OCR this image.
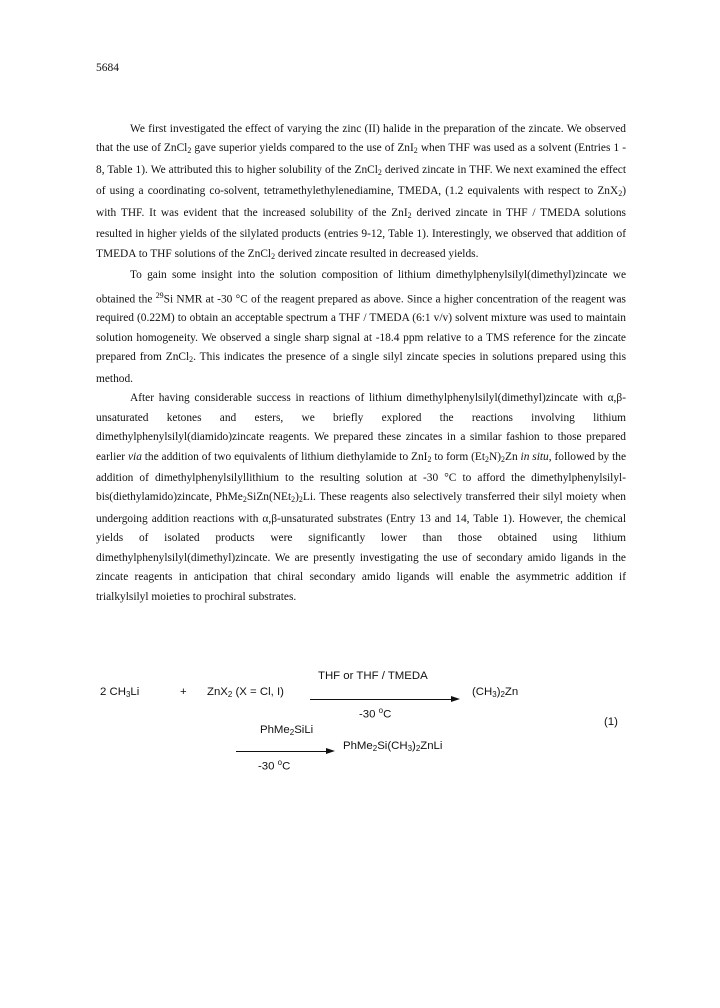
5684

We first investigated the effect of varying the zinc (II) halide in the preparation of the zincate. We observed that the use of ZnCl$_2$ gave superior yields compared to the use of ZnI$_2$ when THF was used as a solvent (Entries 1 - 8, Table 1). We attributed this to higher solubility of the ZnCl$_2$ derived zincate in THF. We next examined the effect of using a coordinating co-solvent, tetramethylethylenediamine, TMEDA, (1.2 equivalents with respect to ZnX$_2$) with THF. It was evident that the increased solubility of the ZnI$_2$ derived zincate in THF / TMEDA solutions resulted in higher yields of the silylated products (entries 9-12, Table 1). Interestingly, we observed that addition of TMEDA to THF solutions of the ZnCl$_2$ derived zincate resulted in decreased yields.

To gain some insight into the solution composition of lithium dimethylphenylsilyl(dimethyl)zincate we obtained the $^{29}$Si NMR at -30 °C of the reagent prepared as above. Since a higher concentration of the reagent was required (0.22M) to obtain an acceptable spectrum a THF / TMEDA (6:1 v/v) solvent mixture was used to maintain solution homogeneity. We observed a single sharp signal at -18.4 ppm relative to a TMS reference for the zincate prepared from ZnCl$_2$. This indicates the presence of a single silyl zincate species in solutions prepared using this method.

After having considerable success in reactions of lithium dimethylphenylsilyl(dimethyl)zincate with α,β-unsaturated ketones and esters, we briefly explored the reactions involving lithium dimethylphenylsilyl(diamido)zincate reagents. We prepared these zincates in a similar fashion to those prepared earlier via the addition of two equivalents of lithium diethylamide to ZnI$_2$ to form $(Et_2N)_2Zn$ in situ, followed by the addition of dimethylphenylsilyllithium to the resulting solution at -30 °C to afford the dimethylphenylsilyl-bis(diethylamido)zincate, $PhMe_2SiZn(NEt_2)_2Li$. These reagents also selectively transferred their silyl moiety when undergoing addition reactions with α,β-unsaturated substrates (Entry 13 and 14, Table 1). However, the chemical yields of isolated products were significantly lower than those obtained using lithium dimethylphenylsilyl(dimethyl)zincate. We are presently investigating the use of secondary amido ligands in the zincate reagents in anticipation that chiral secondary amido ligands will enable the asymmetric addition if trialkylsilyl moieties to prochiral substrates.

2 $CH_3Li$	+ ZnX$_2$ (X = Cl, I)
THF or THF / TMEDA
-30 $^o$C
$(CH_3)_2Zn$
(1)
PhMe$_2$SiLi
-30 $^o$C
$PhMe_2Si(CH_3)_2ZnLi$
